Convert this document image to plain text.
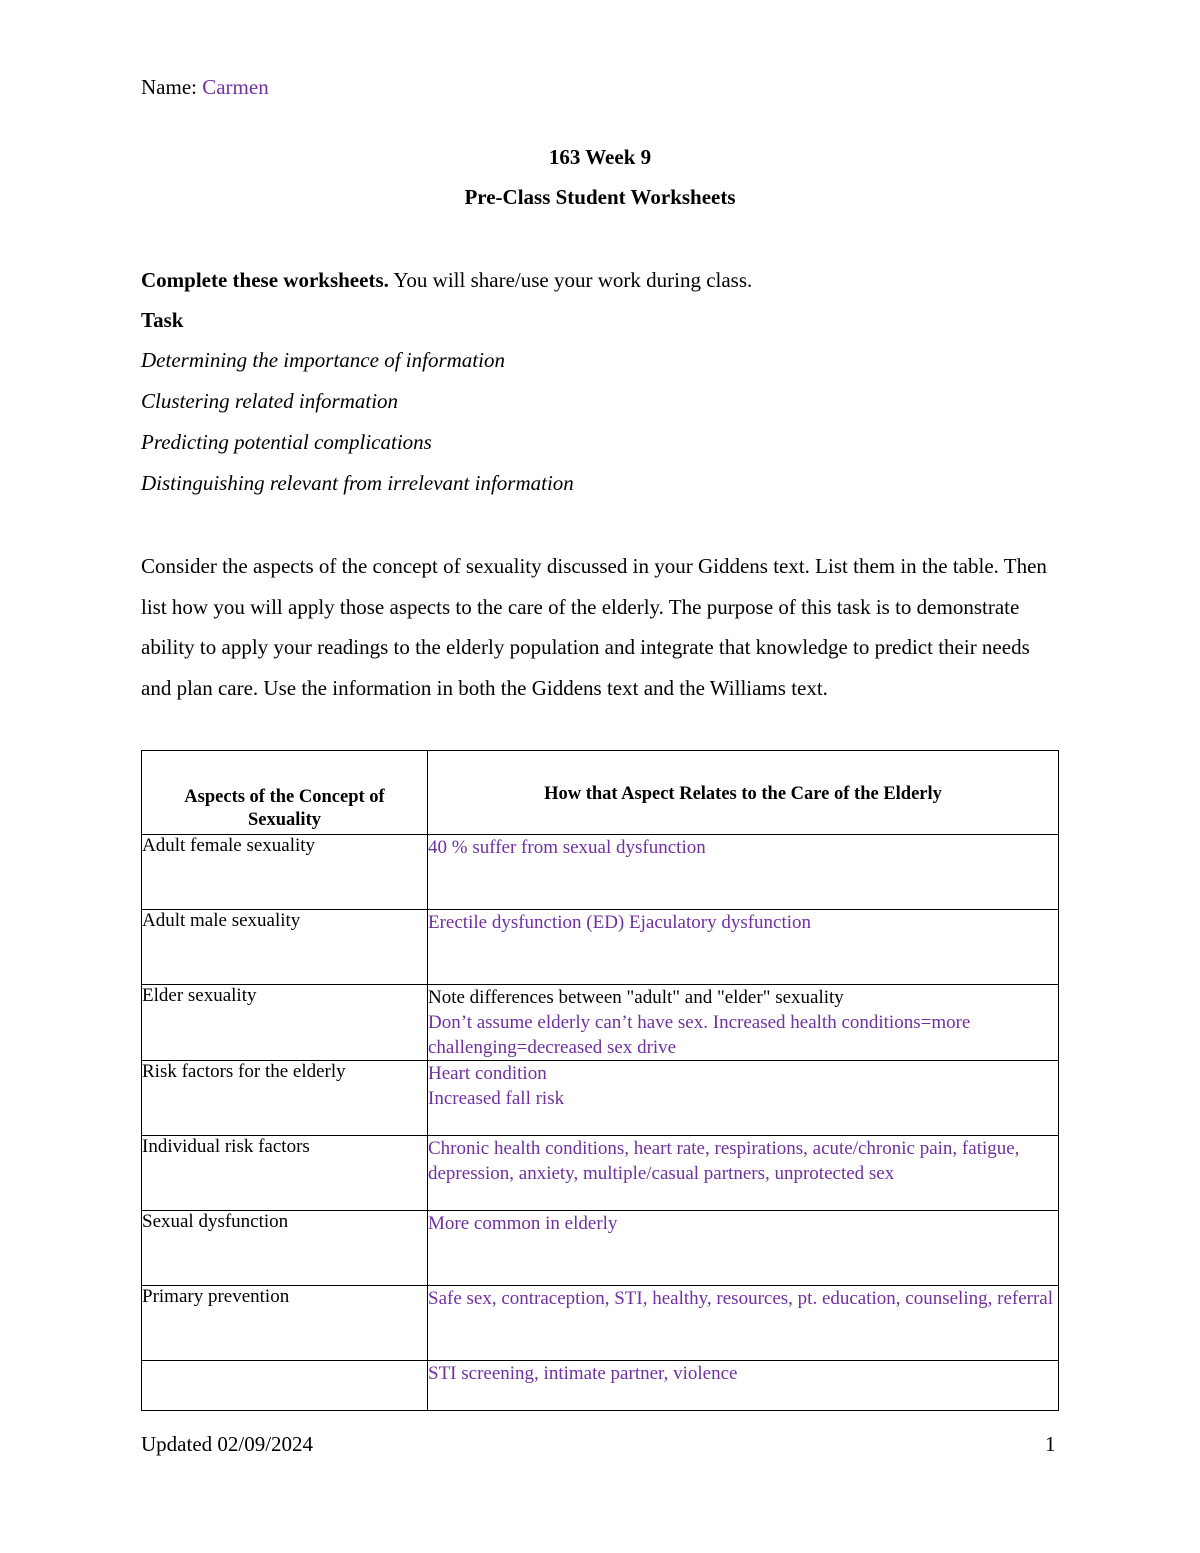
Name: Carmen
163 Week 9
Pre-Class Student Worksheets
Complete these worksheets. You will share/use your work during class.
Task
Determining the importance of information
Clustering related information
Predicting potential complications
Distinguishing relevant from irrelevant information
Consider the aspects of the concept of sexuality discussed in your Giddens text. List them in the table. Then list how you will apply those aspects to the care of the elderly. The purpose of this task is to demonstrate ability to apply your readings to the elderly population and integrate that knowledge to predict their needs and plan care. Use the information in both the Giddens text and the Williams text.
Aspects of the Concept of Sexuality	How that Aspect Relates to the Care of the Elderly
Adult female sexuality	40 % suffer from sexual dysfunction
Adult male sexuality	Erectile dysfunction (ED) Ejaculatory dysfunction
Elder sexuality	Note differences between "adult" and "elder" sexuality
Don’t assume elderly can’t have sex. Increased health conditions=more challenging=decreased sex drive

Risk factors for the elderly	Heart condition
Increased fall risk

Individual risk factors	Chronic health conditions, heart rate, respirations, acute/chronic pain, fatigue, depression, anxiety, multiple/casual partners, unprotected sex
Sexual dysfunction	More common in elderly
Primary prevention	Safe sex, contraception, STI, healthy, resources, pt. education, counseling, referral
	STI screening, intimate partner, violence
Updated 02/09/2024	1
